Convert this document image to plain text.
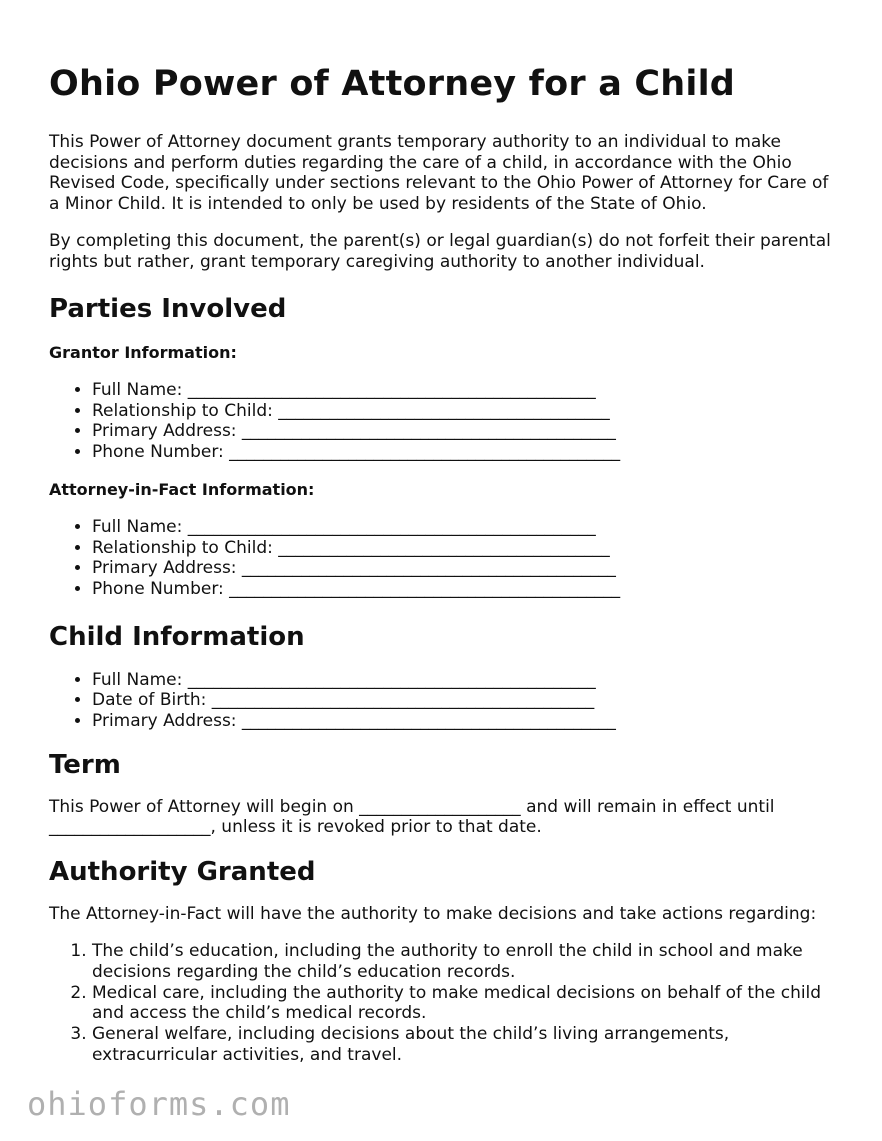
Ohio Power of Attorney for a Child

This Power of Attorney document grants temporary authority to an individual to make decisions and perform duties regarding the care of a child, in accordance with the Ohio Revised Code, specifically under sections relevant to the Ohio Power of Attorney for Care of a Minor Child. It is intended to only be used by residents of the State of Ohio.

By completing this document, the parent(s) or legal guardian(s) do not forfeit their parental rights but rather, grant temporary caregiving authority to another individual.

Parties Involved
Grantor Information:
• Full Name: ________________________________________________
• Relationship to Child: _______________________________________
• Primary Address: ____________________________________________
• Phone Number: ______________________________________________
Attorney-in-Fact Information:
• Full Name: ________________________________________________
• Relationship to Child: _______________________________________
• Primary Address: ____________________________________________
• Phone Number: ______________________________________________
Child Information
• Full Name: ________________________________________________
• Date of Birth: _____________________________________________
• Primary Address: ____________________________________________
Term

This Power of Attorney will begin on ___________________ and will remain in effect until ___________________, unless it is revoked prior to that date.

Authority Granted

The Attorney-in-Fact will have the authority to make decisions and take actions regarding:

1. The child’s education, including the authority to enroll the child in school and make decisions regarding the child’s education records.
2. Medical care, including the authority to make medical decisions on behalf of the child and access the child’s medical records.
3. General welfare, including decisions about the child’s living arrangements, extracurricular activities, and travel.
ohioforms.com
